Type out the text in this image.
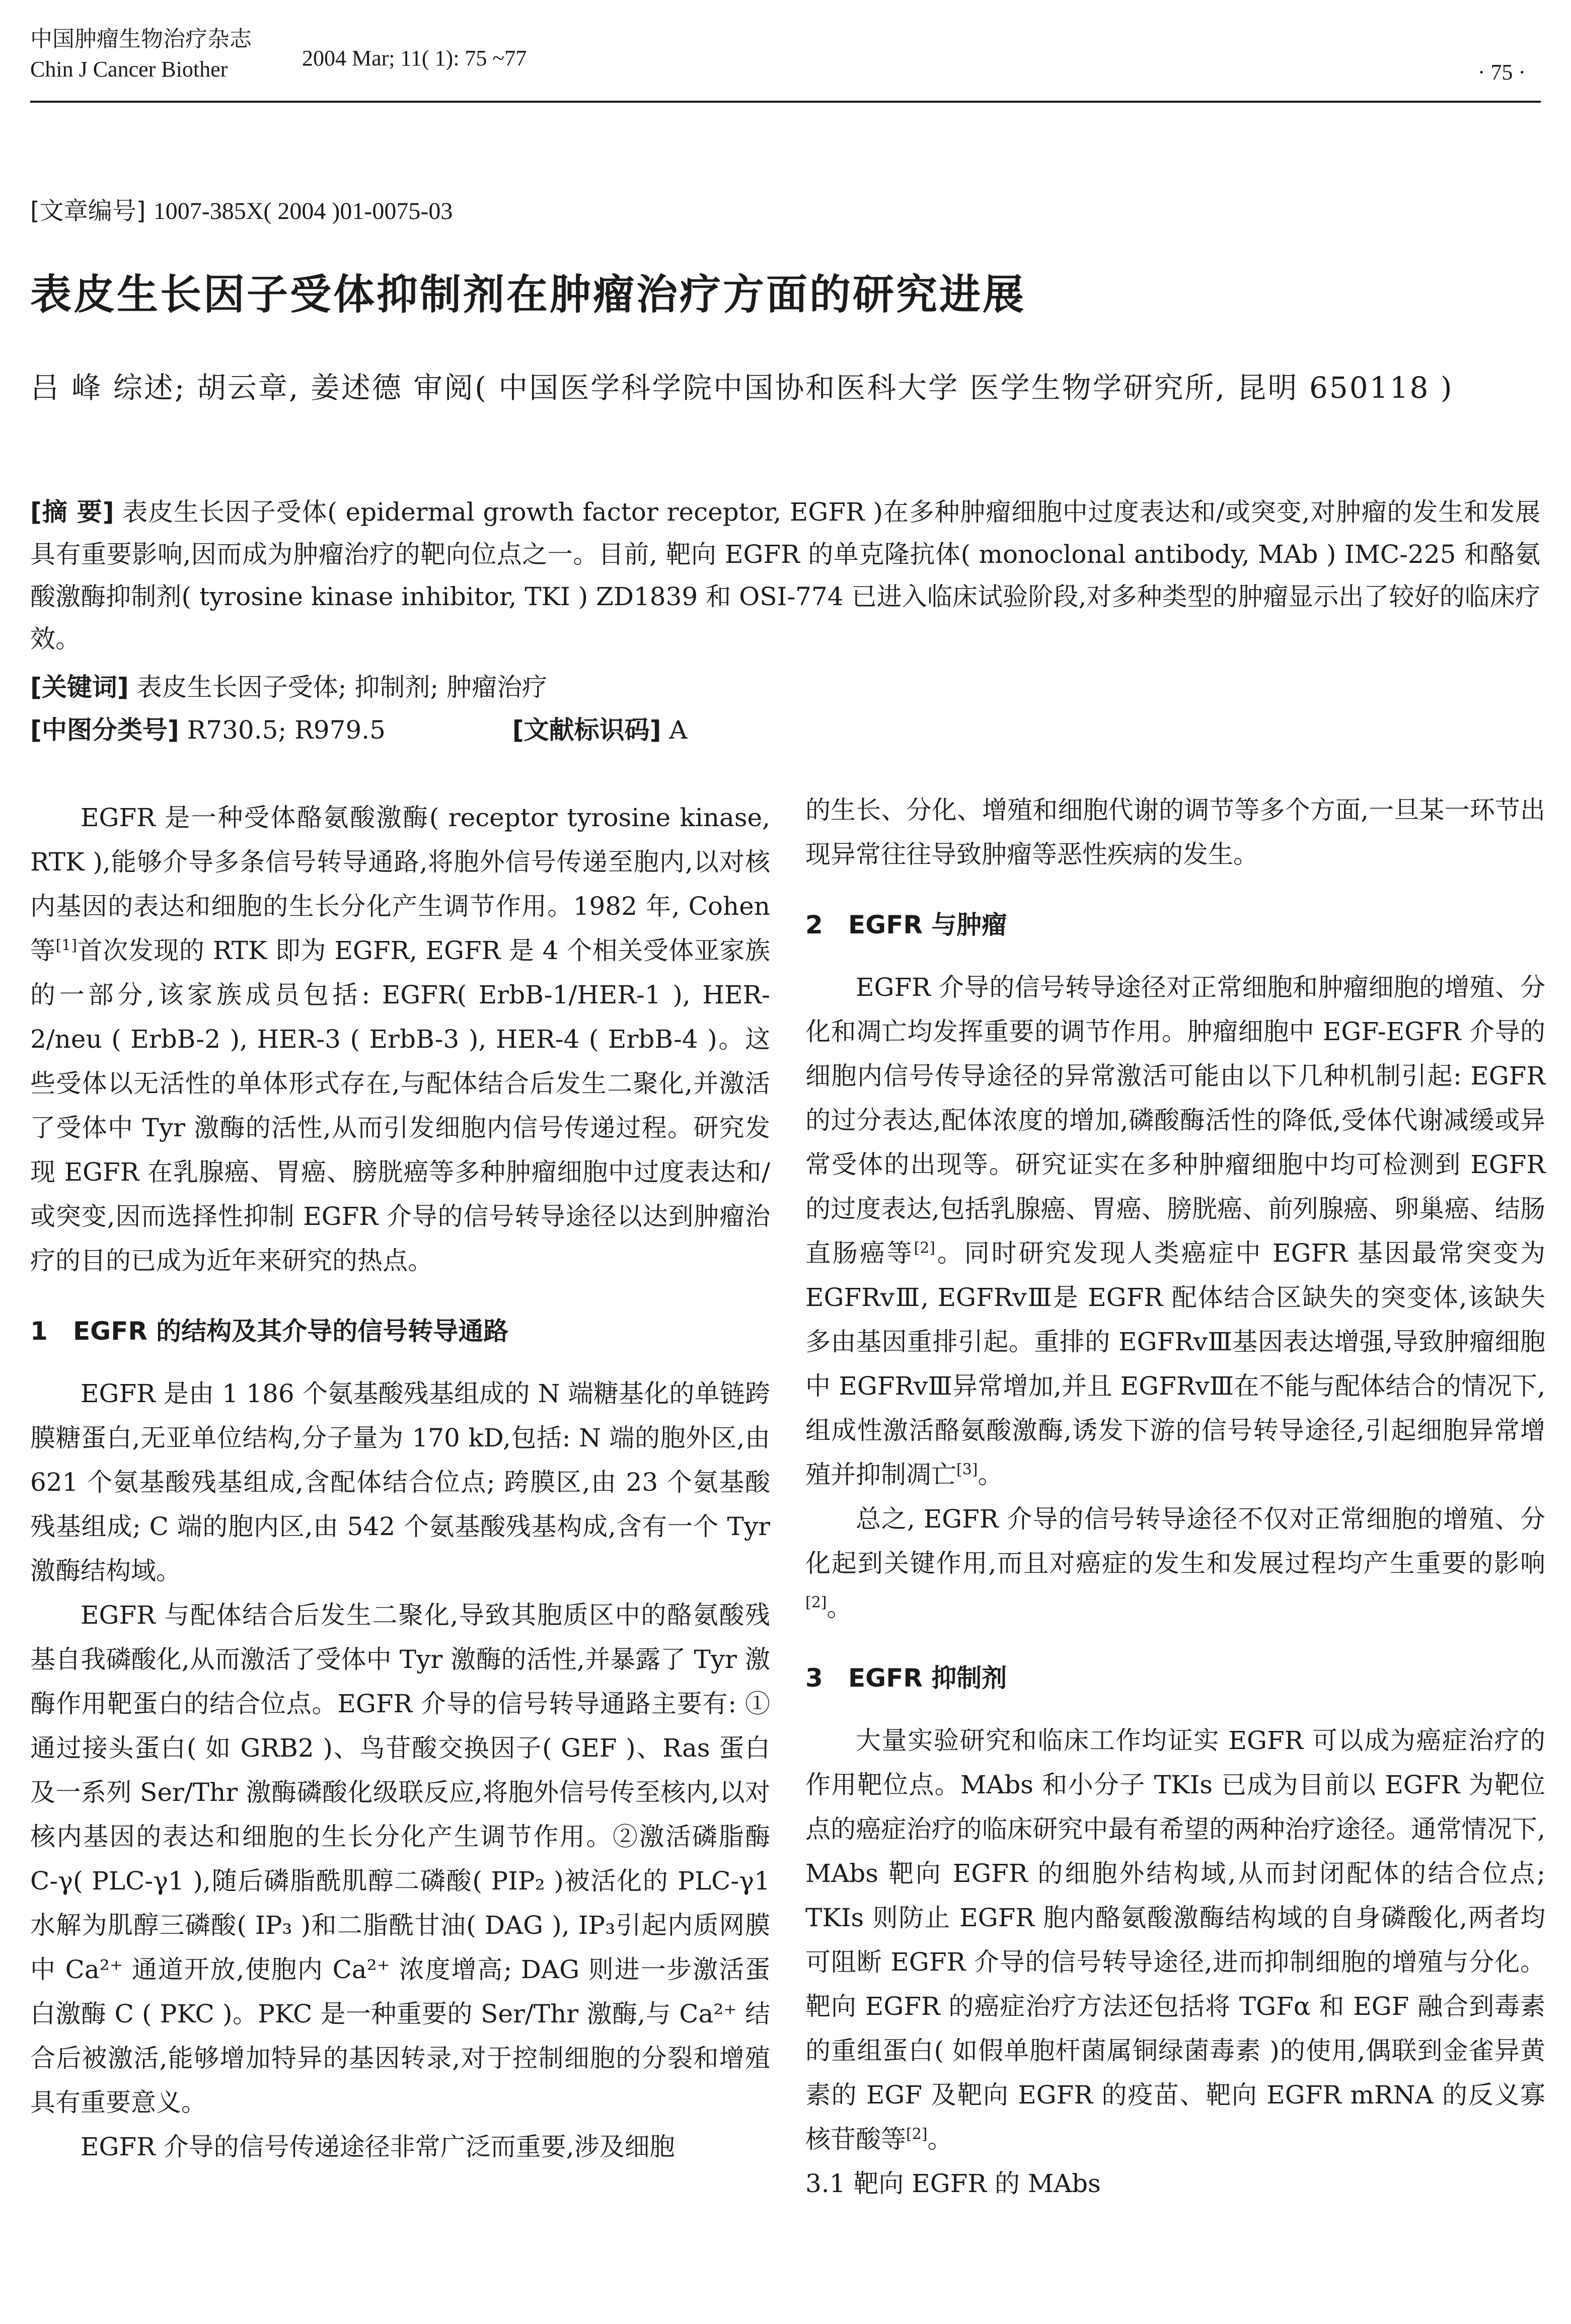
中国肿瘤生物治疗杂志
Chin J Cancer Biother	2004 Mar; 11( 1): 75 ~77
· 75 ·
[文章编号] 1007-385X( 2004 )01-0075-03
表皮生长因子受体抑制剂在肿瘤治疗方面的研究进展
吕 峰 综述; 胡云章, 姜述德 审阅( 中国医学科学院中国协和医科大学 医学生物学研究所, 昆明 650118 )
[摘 要] 表皮生长因子受体( epidermal growth factor receptor, EGFR )在多种肿瘤细胞中过度表达和/或突变,对肿瘤的发生和发展具有重要影响,因而成为肿瘤治疗的靶向位点之一。目前, 靶向 EGFR 的单克隆抗体( monoclonal antibody, MAb ) IMC-225 和酪氨酸激酶抑制剂( tyrosine kinase inhibitor, TKI ) ZD1839 和 OSI-774 已进入临床试验阶段,对多种类型的肿瘤显示出了较好的临床疗效。
[关键词] 表皮生长因子受体; 抑制剂; 肿瘤治疗
[中图分类号] R730.5; R979.5	[文献标识码] A

EGFR 是一种受体酪氨酸激酶( receptor tyrosine kinase, RTK ),能够介导多条信号转导通路,将胞外信号传递至胞内,以对核内基因的表达和细胞的生长分化产生调节作用。1982 年, Cohen 等[1]首次发现的 RTK 即为 EGFR, EGFR 是 4 个相关受体亚家族的一部分,该家族成员包括: EGFR( ErbB-1/HER-1 ), HER-2/neu ( ErbB-2 ), HER-3 ( ErbB-3 ), HER-4 ( ErbB-4 )。这些受体以无活性的单体形式存在,与配体结合后发生二聚化,并激活了受体中 Tyr 激酶的活性,从而引发细胞内信号传递过程。研究发现 EGFR 在乳腺癌、胃癌、膀胱癌等多种肿瘤细胞中过度表达和/或突变,因而选择性抑制 EGFR 介导的信号转导途径以达到肿瘤治疗的目的已成为近年来研究的热点。

1 EGFR 的结构及其介导的信号转导通路

EGFR 是由 1 186 个氨基酸残基组成的 N 端糖基化的单链跨膜糖蛋白,无亚单位结构,分子量为 170 kD,包括: N 端的胞外区,由 621 个氨基酸残基组成,含配体结合位点; 跨膜区,由 23 个氨基酸残基组成; C 端的胞内区,由 542 个氨基酸残基构成,含有一个 Tyr 激酶结构域。

EGFR 与配体结合后发生二聚化,导致其胞质区中的酪氨酸残基自我磷酸化,从而激活了受体中 Tyr 激酶的活性,并暴露了 Tyr 激酶作用靶蛋白的结合位点。EGFR 介导的信号转导通路主要有: ①通过接头蛋白( 如 GRB2 )、鸟苷酸交换因子( GEF )、Ras 蛋白及一系列 Ser/Thr 激酶磷酸化级联反应,将胞外信号传至核内,以对核内基因的表达和细胞的生长分化产生调节作用。②激活磷脂酶 C-γ( PLC-γ1 ),随后磷脂酰肌醇二磷酸( PIP₂ )被活化的 PLC-γ1 水解为肌醇三磷酸( IP₃ )和二脂酰甘油( DAG ), IP₃引起内质网膜中 Ca²⁺ 通道开放,使胞内 Ca²⁺ 浓度增高; DAG 则进一步激活蛋白激酶 C ( PKC )。PKC 是一种重要的 Ser/Thr 激酶,与 Ca²⁺ 结合后被激活,能够增加特异的基因转录,对于控制细胞的分裂和增殖具有重要意义。

EGFR 介导的信号传递途径非常广泛而重要,涉及细胞

的生长、分化、增殖和细胞代谢的调节等多个方面,一旦某一环节出现异常往往导致肿瘤等恶性疾病的发生。

2 EGFR 与肿瘤

EGFR 介导的信号转导途径对正常细胞和肿瘤细胞的增殖、分化和凋亡均发挥重要的调节作用。肿瘤细胞中 EGF-EGFR 介导的细胞内信号传导途径的异常激活可能由以下几种机制引起: EGFR 的过分表达,配体浓度的增加,磷酸酶活性的降低,受体代谢减缓或异常受体的出现等。研究证实在多种肿瘤细胞中均可检测到 EGFR 的过度表达,包括乳腺癌、胃癌、膀胱癌、前列腺癌、卵巢癌、结肠直肠癌等[2]。同时研究发现人类癌症中 EGFR 基因最常突变为 EGFRvⅢ, EGFRvⅢ是 EGFR 配体结合区缺失的突变体,该缺失多由基因重排引起。重排的 EGFRvⅢ基因表达增强,导致肿瘤细胞中 EGFRvⅢ异常增加,并且 EGFRvⅢ在不能与配体结合的情况下,组成性激活酪氨酸激酶,诱发下游的信号转导途径,引起细胞异常增殖并抑制凋亡[3]。

总之, EGFR 介导的信号转导途径不仅对正常细胞的增殖、分化起到关键作用,而且对癌症的发生和发展过程均产生重要的影响[2]。

3 EGFR 抑制剂

大量实验研究和临床工作均证实 EGFR 可以成为癌症治疗的作用靶位点。MAbs 和小分子 TKIs 已成为目前以 EGFR 为靶位点的癌症治疗的临床研究中最有希望的两种治疗途径。通常情况下, MAbs 靶向 EGFR 的细胞外结构域,从而封闭配体的结合位点; TKIs 则防止 EGFR 胞内酪氨酸激酶结构域的自身磷酸化,两者均可阻断 EGFR 介导的信号转导途径,进而抑制细胞的增殖与分化。靶向 EGFR 的癌症治疗方法还包括将 TGFα 和 EGF 融合到毒素的重组蛋白( 如假单胞杆菌属铜绿菌毒素 )的使用,偶联到金雀异黄素的 EGF 及靶向 EGFR 的疫苗、靶向 EGFR mRNA 的反义寡核苷酸等[2]。

3.1 靶向 EGFR 的 MAbs
